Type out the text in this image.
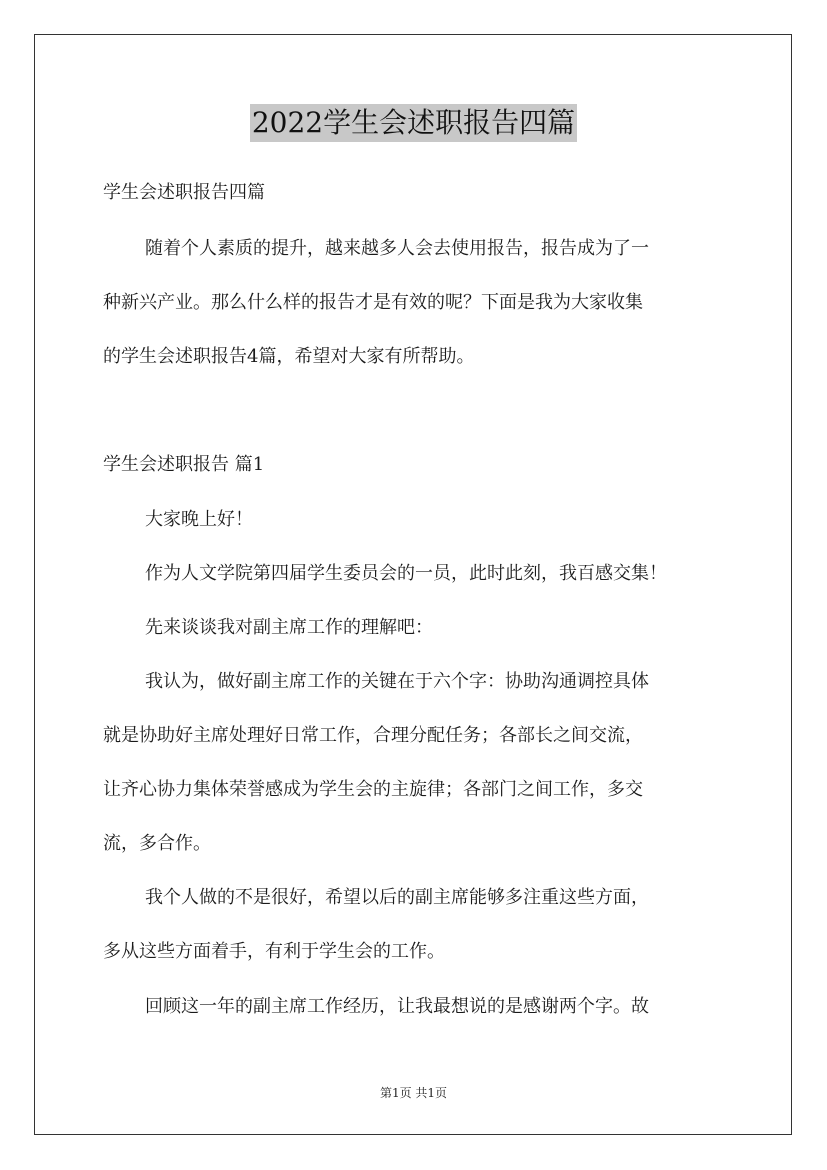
2022学生会述职报告四篇
学生会述职报告四篇
随着个人素质的提升，越来越多人会去使用报告，报告成为了一
种新兴产业。那么什么样的报告才是有效的呢？下面是我为大家收集
的学生会述职报告4篇，希望对大家有所帮助。
学生会述职报告 篇1
大家晚上好！
作为人文学院第四届学生委员会的一员，此时此刻，我百感交集！
先来谈谈我对副主席工作的理解吧：
我认为，做好副主席工作的关键在于六个字：协助沟通调控具体
就是协助好主席处理好日常工作，合理分配任务；各部长之间交流，
让齐心协力集体荣誉感成为学生会的主旋律；各部门之间工作，多交
流，多合作。
我个人做的不是很好，希望以后的副主席能够多注重这些方面，
多从这些方面着手，有利于学生会的工作。
回顾这一年的副主席工作经历，让我最想说的是感谢两个字。故
第1页 共1页
